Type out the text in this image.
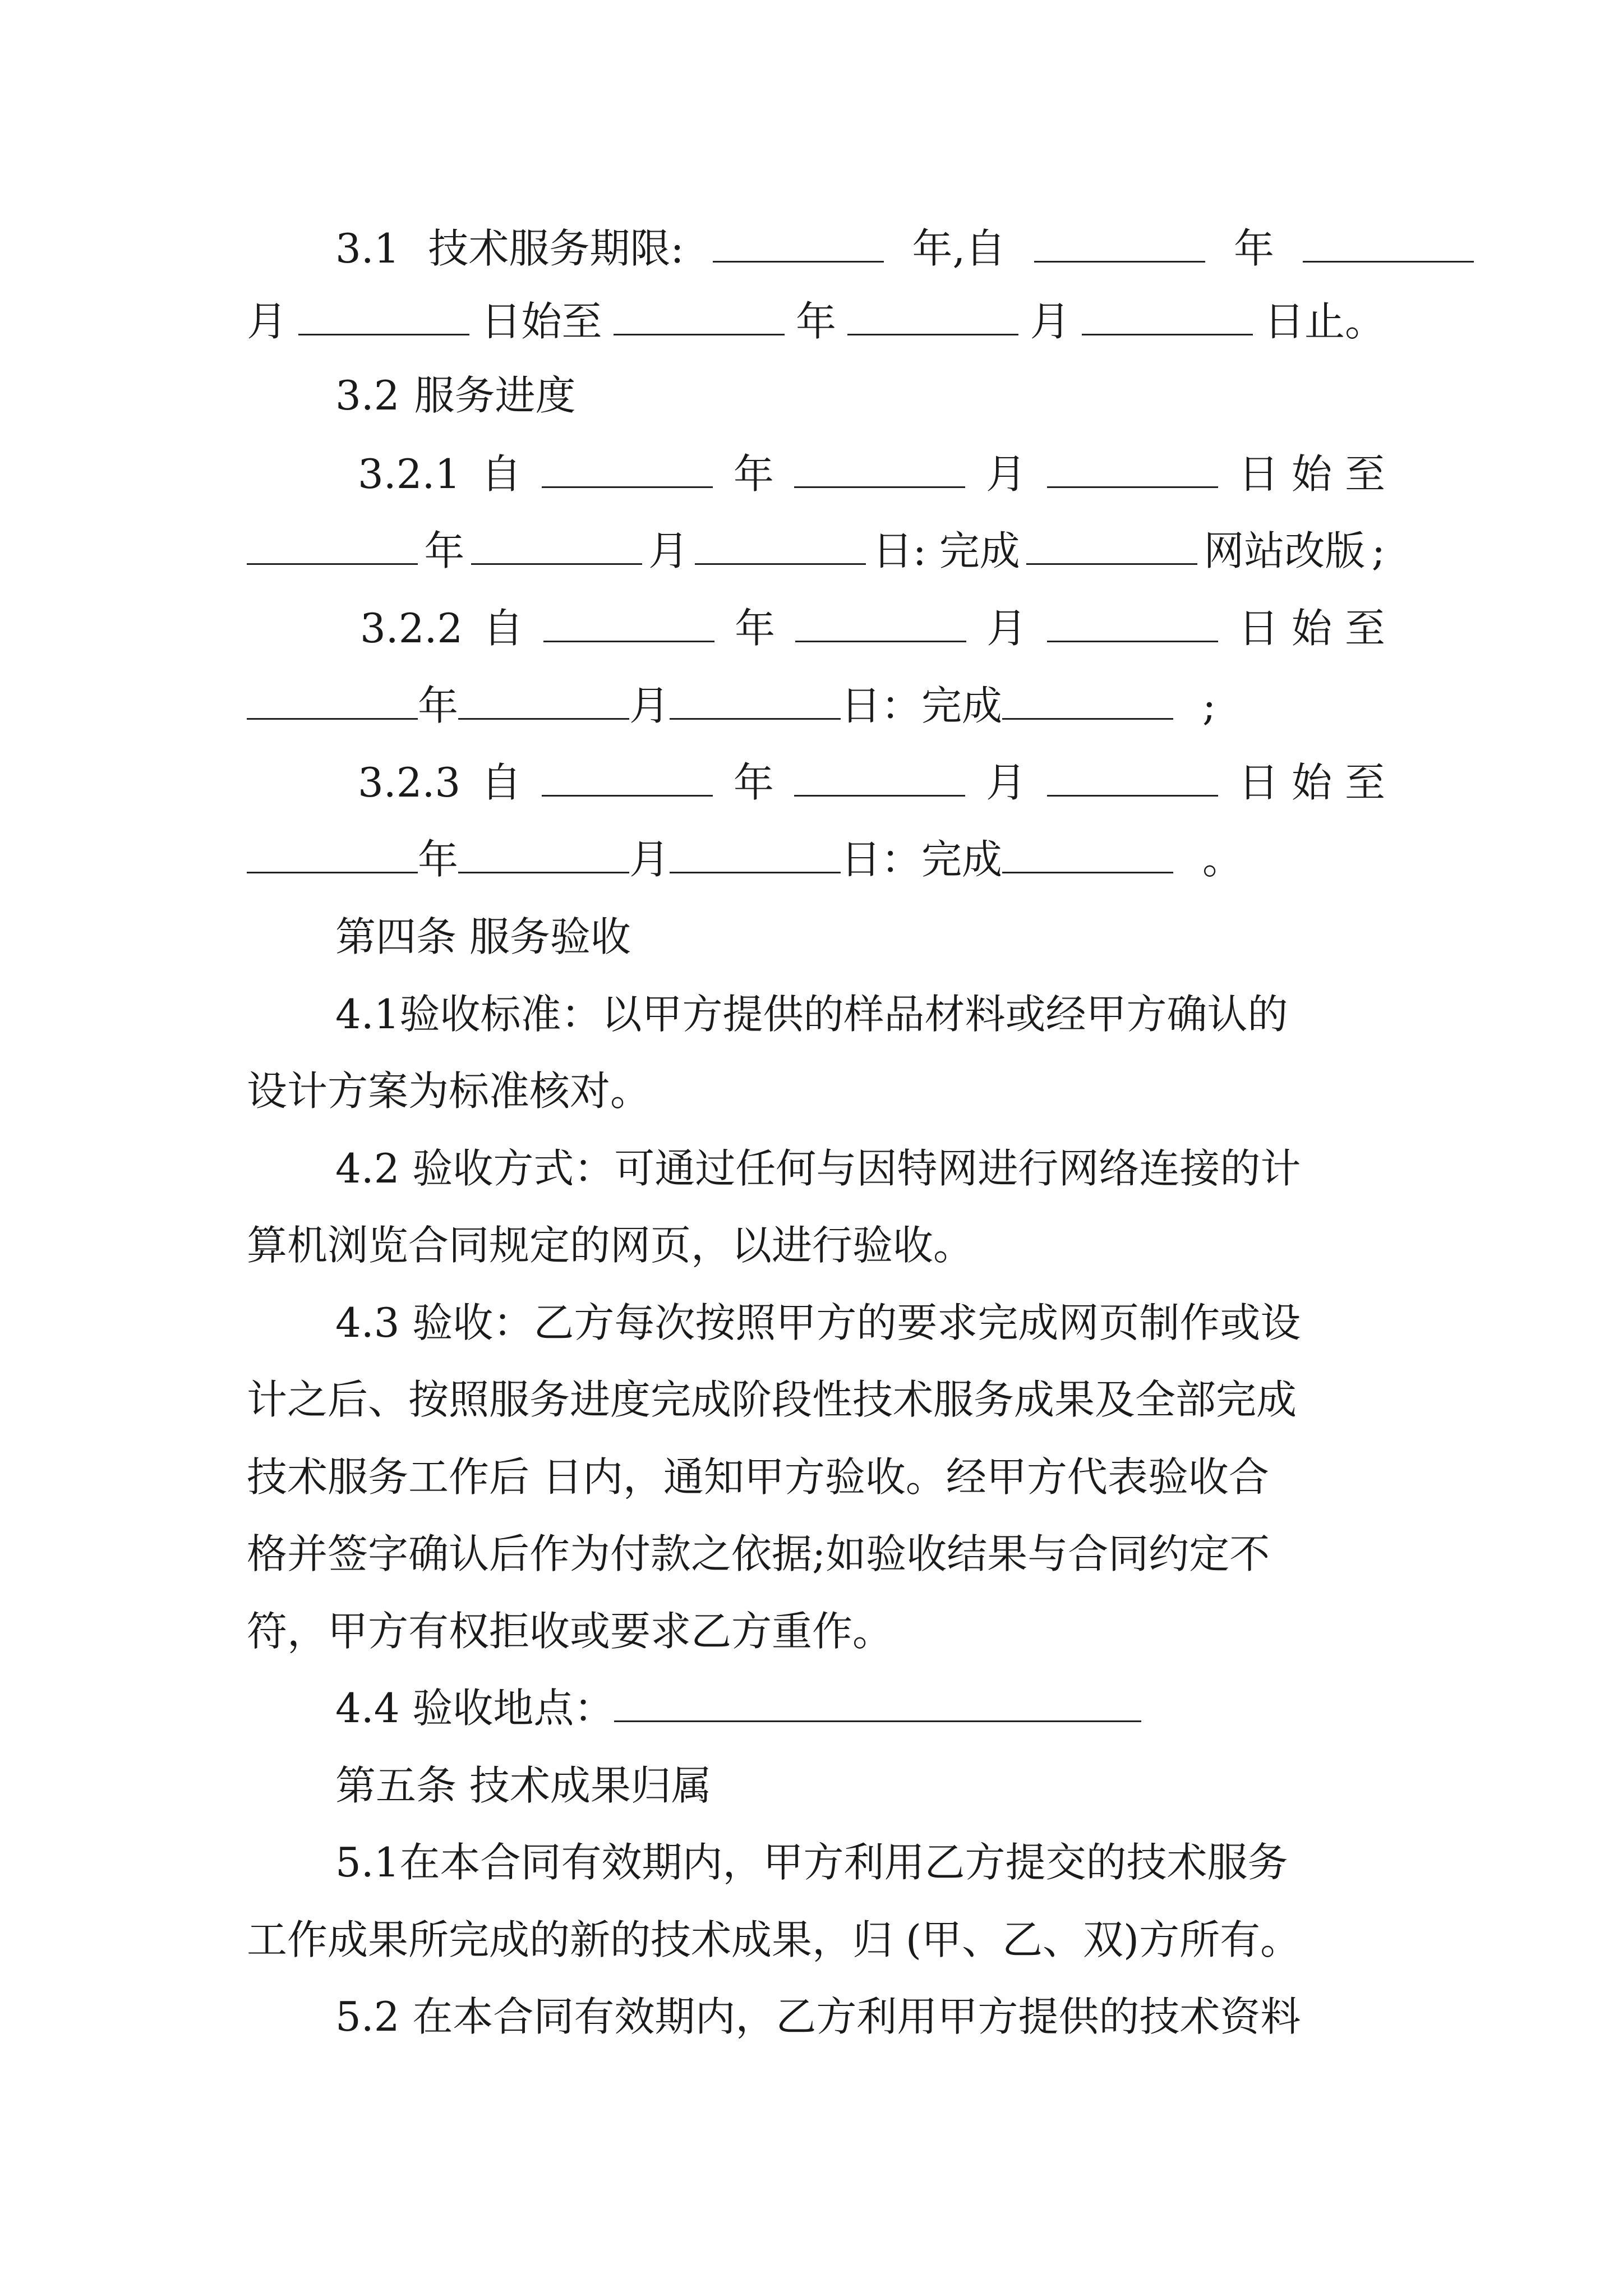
3.1 技术服务期限:	年,自	年
月	日始至	年	月	日止。
3.2 服务进度
3.2.1 自	年	月	日 始 至
年	月	日: 完成	网站改版 ;
3.2.2 自	年	月	日 始 至
年	月	日：完成	;
3.2.3 自	年	月	日 始 至
年	月	日：完成	。
第四条 服务验收
4.1验收标准：以甲方提供的样品材料或经甲方确认的
设计方案为标准核对。
4.2 验收方式：可通过任何与因特网进行网络连接的计
算机浏览合同规定的网页，以进行验收。
4.3 验收：乙方每次按照甲方的要求完成网页制作或设
计之后、按照服务进度完成阶段性技术服务成果及全部完成
技术服务工作后 日内，通知甲方验收。经甲方代表验收合
格并签字确认后作为付款之依据;如验收结果与合同约定不
符，甲方有权拒收或要求乙方重作。
4.4 验收地点：
第五条 技术成果归属
5.1在本合同有效期内，甲方利用乙方提交的技术服务
工作成果所完成的新的技术成果，归 (甲、乙、双)方所有。
5.2 在本合同有效期内，乙方利用甲方提供的技术资料
